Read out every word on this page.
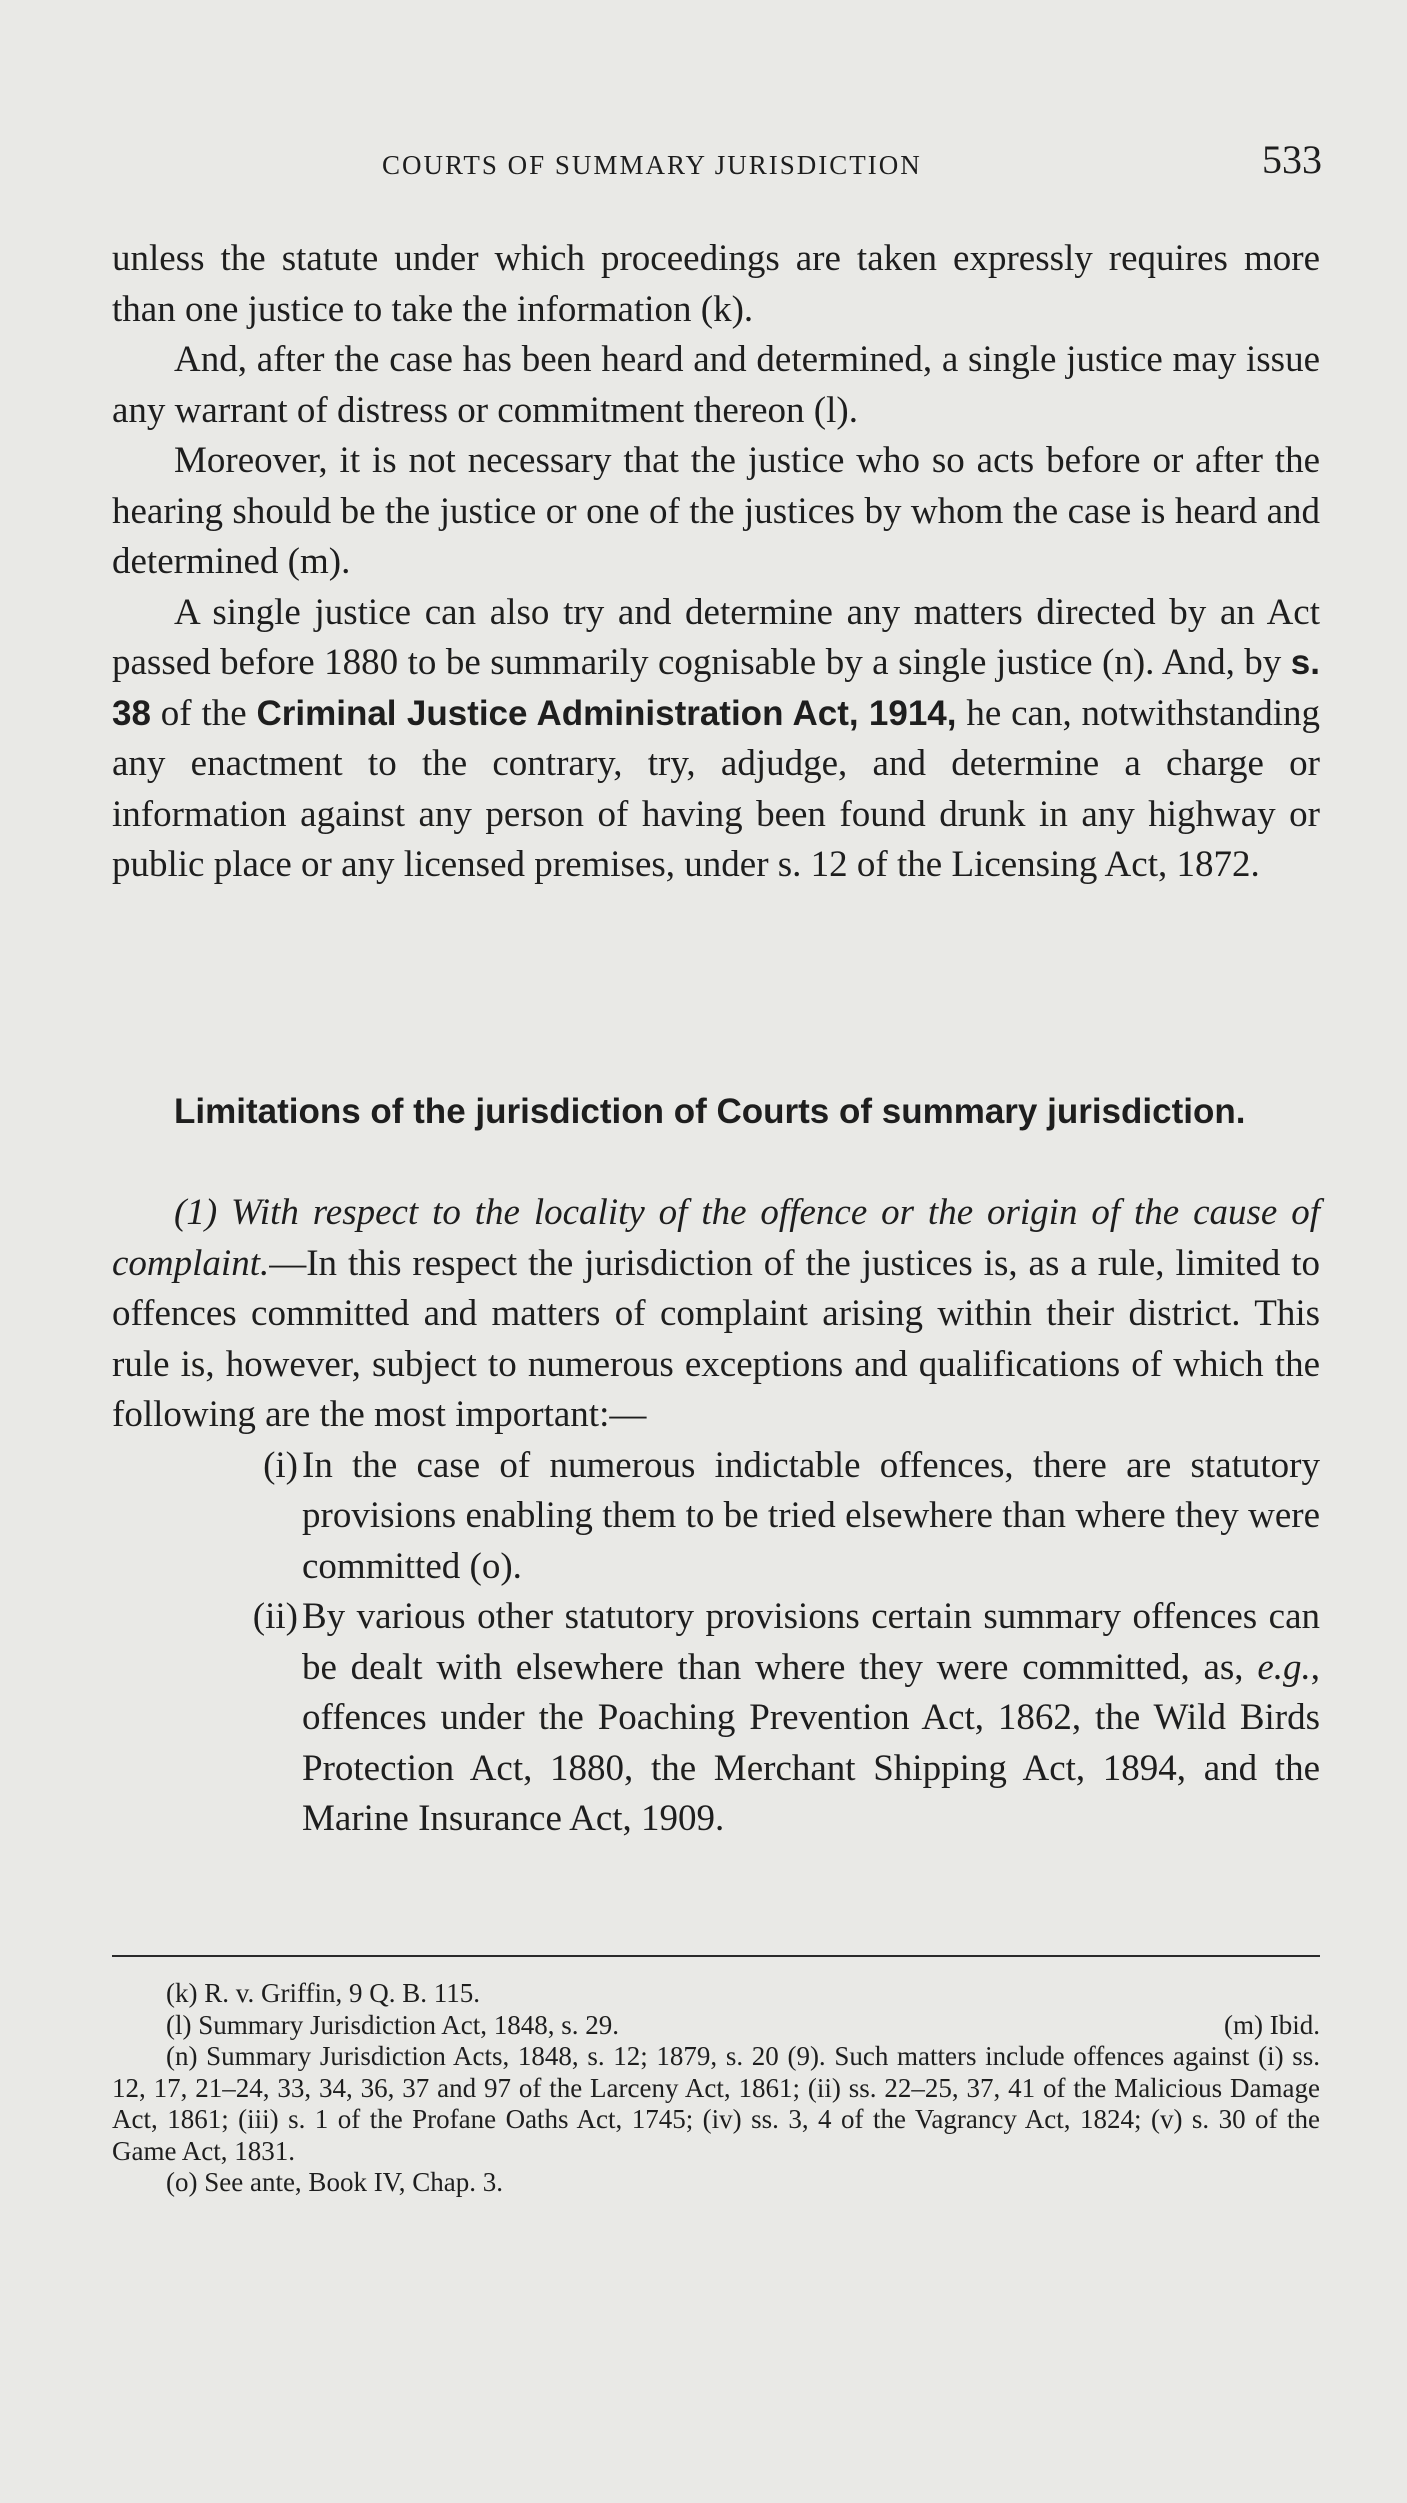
COURTS OF SUMMARY JURISDICTION	533

unless the statute under which proceedings are taken expressly requires more than one justice to take the information (k).

And, after the case has been heard and determined, a single justice may issue any warrant of distress or commitment thereon (l).

Moreover, it is not necessary that the justice who so acts before or after the hearing should be the justice or one of the justices by whom the case is heard and determined (m).

A single justice can also try and determine any matters directed by an Act passed before 1880 to be summarily cognisable by a single justice (n). And, by s. 38 of the Criminal Justice Administration Act, 1914, he can, notwithstanding any enactment to the contrary, try, adjudge, and determine a charge or information against any person of having been found drunk in any highway or public place or any licensed premises, under s. 12 of the Licensing Act, 1872.

Limitations of the jurisdiction of Courts of summary jurisdiction.

(1) With respect to the locality of the offence or the origin of the cause of complaint.—In this respect the jurisdiction of the justices is, as a rule, limited to offences committed and matters of complaint arising within their district. This rule is, however, subject to numerous exceptions and qualifications of which the following are the most important:—

(i) In the case of numerous indictable offences, there are statutory provisions enabling them to be tried elsewhere than where they were committed (o).

(ii) By various other statutory provisions certain summary offences can be dealt with elsewhere than where they were committed, as, e.g., offences under the Poaching Prevention Act, 1862, the Wild Birds Protection Act, 1880, the Merchant Shipping Act, 1894, and the Marine Insurance Act, 1909.

(k) R. v. Griffin, 9 Q. B. 115.

(l) Summary Jurisdiction Act, 1848, s. 29.	(m) Ibid.

(n) Summary Jurisdiction Acts, 1848, s. 12; 1879, s. 20 (9). Such matters include offences against (i) ss. 12, 17, 21–24, 33, 34, 36, 37 and 97 of the Larceny Act, 1861; (ii) ss. 22–25, 37, 41 of the Malicious Damage Act, 1861; (iii) s. 1 of the Profane Oaths Act, 1745; (iv) ss. 3, 4 of the Vagrancy Act, 1824; (v) s. 30 of the Game Act, 1831.

(o) See ante, Book IV, Chap. 3.
